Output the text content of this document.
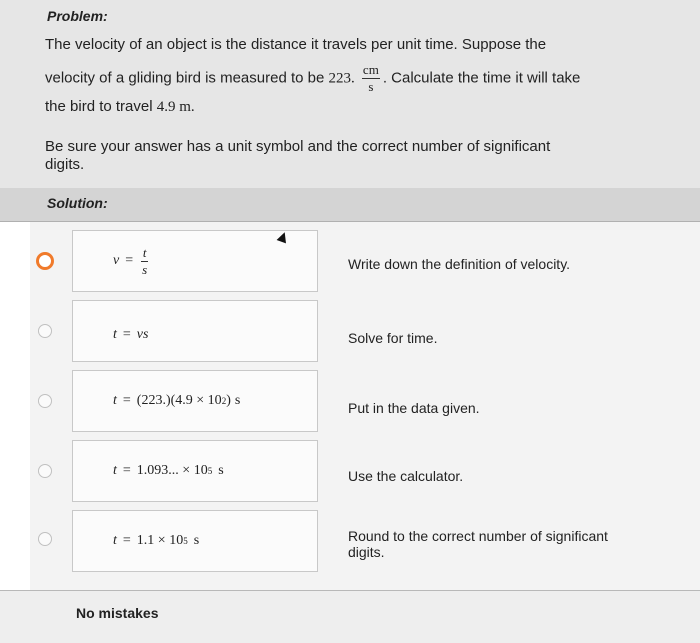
Problem:
The velocity of an object is the distance it travels per unit time. Suppose the
velocity of a gliding bird is measured to be 223. $\frac{cm}{s}$ . Calculate the time it will take
the bird to travel 4.9 m.
Be sure your answer has a unit symbol and the correct number of significant
digits.
Solution:
$v = \frac{t}{s}$	Write down the definition of velocity.
t = vs	Solve for time.
t = (223.) (4.9 × 10 2 ) s	Put in the data given.
t = 1.093... × 10 5 s	Use the calculator.
t = 1.1 × 10 5 s	Round to the correct number of significant
digits.
No mistakes
